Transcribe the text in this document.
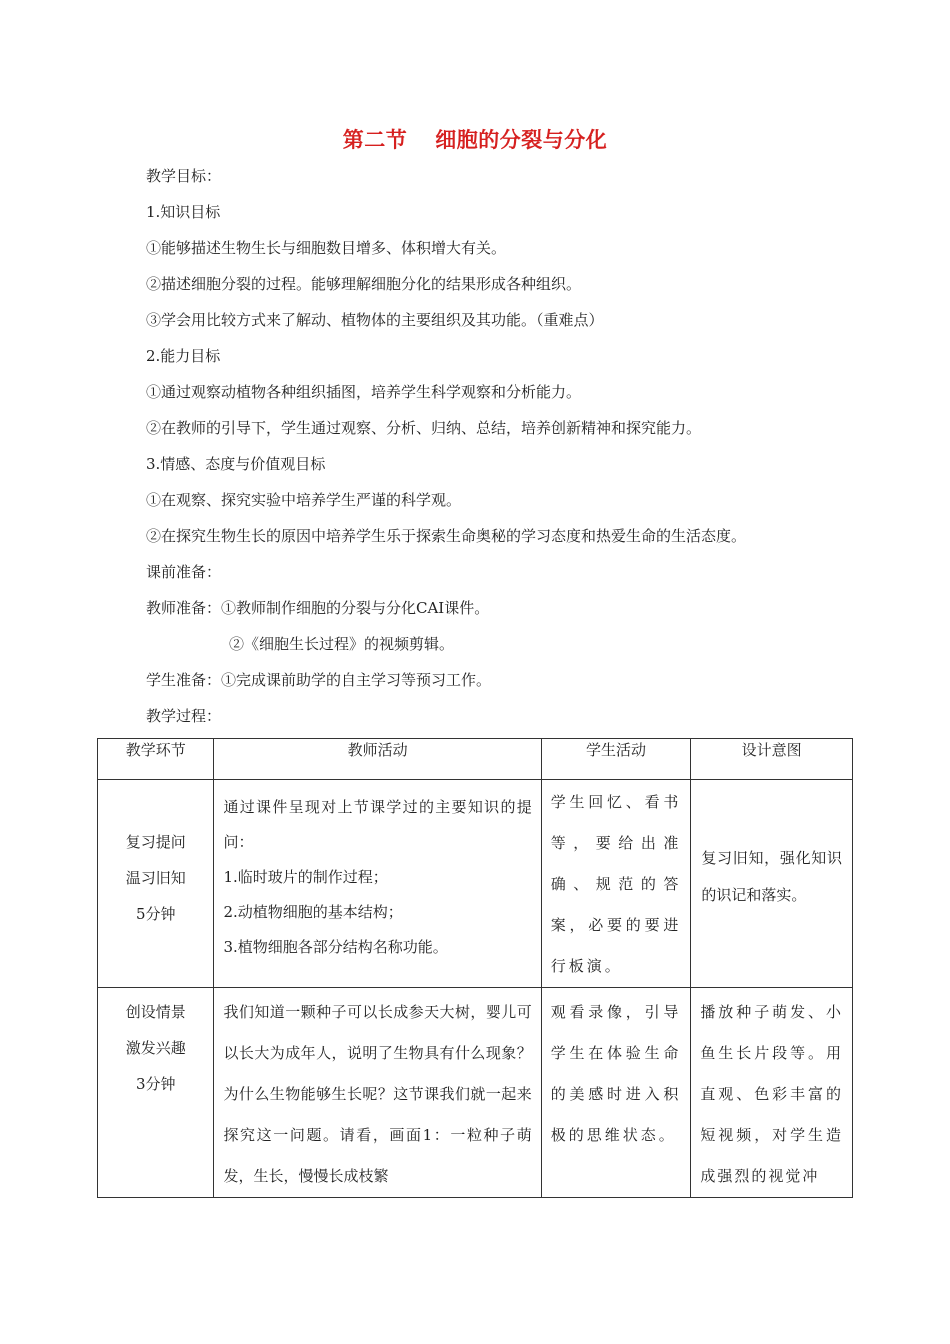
第二节 细胞的分裂与分化
教学目标：
1.知识目标
①能够描述生物生长与细胞数目增多、体积增大有关。
②描述细胞分裂的过程。能够理解细胞分化的结果形成各种组织。
③学会用比较方式来了解动、植物体的主要组织及其功能。（重难点）
2.能力目标
①通过观察动植物各种组织插图，培养学生科学观察和分析能力。
②在教师的引导下，学生通过观察、分析、归纳、总结，培养创新精神和探究能力。
3.情感、态度与价值观目标
①在观察、探究实验中培养学生严谨的科学观。
②在探究生物生长的原因中培养学生乐于探索生命奥秘的学习态度和热爱生命的生活态度。
课前准备：
教师准备：①教师制作细胞的分裂与分化CAI课件。
②《细胞生长过程》的视频剪辑。
学生准备：①完成课前助学的自主学习等预习工作。
教学过程：
教学环节	教师活动	学生活动	设计意图

复习提问
温习旧知
5分钟	通过课件呈现对上节课学过的主要知识的提问：
1.临时玻片的制作过程；
2.动植物细胞的基本结构；
3.植物细胞各部分结构名称功能。	学生回忆、看书等，要给出准确、规范的答案，必要的要进行板演。	复习旧知，强化知识的识记和落实。

创设情景
激发兴趣
3分钟	我们知道一颗种子可以长成参天大树，婴儿可以长大为成年人，说明了生物具有什么现象？为什么生物能够生长呢？这节课我们就一起来探究这一问题。请看，画面1：一粒种子萌发，生长，慢慢长成枝繁	观看录像，引导学生在体验生命的美感时进入积极的思维状态。	播放种子萌发、小鱼生长片段等。用直观、色彩丰富的短视频，对学生造成强烈的视觉冲
